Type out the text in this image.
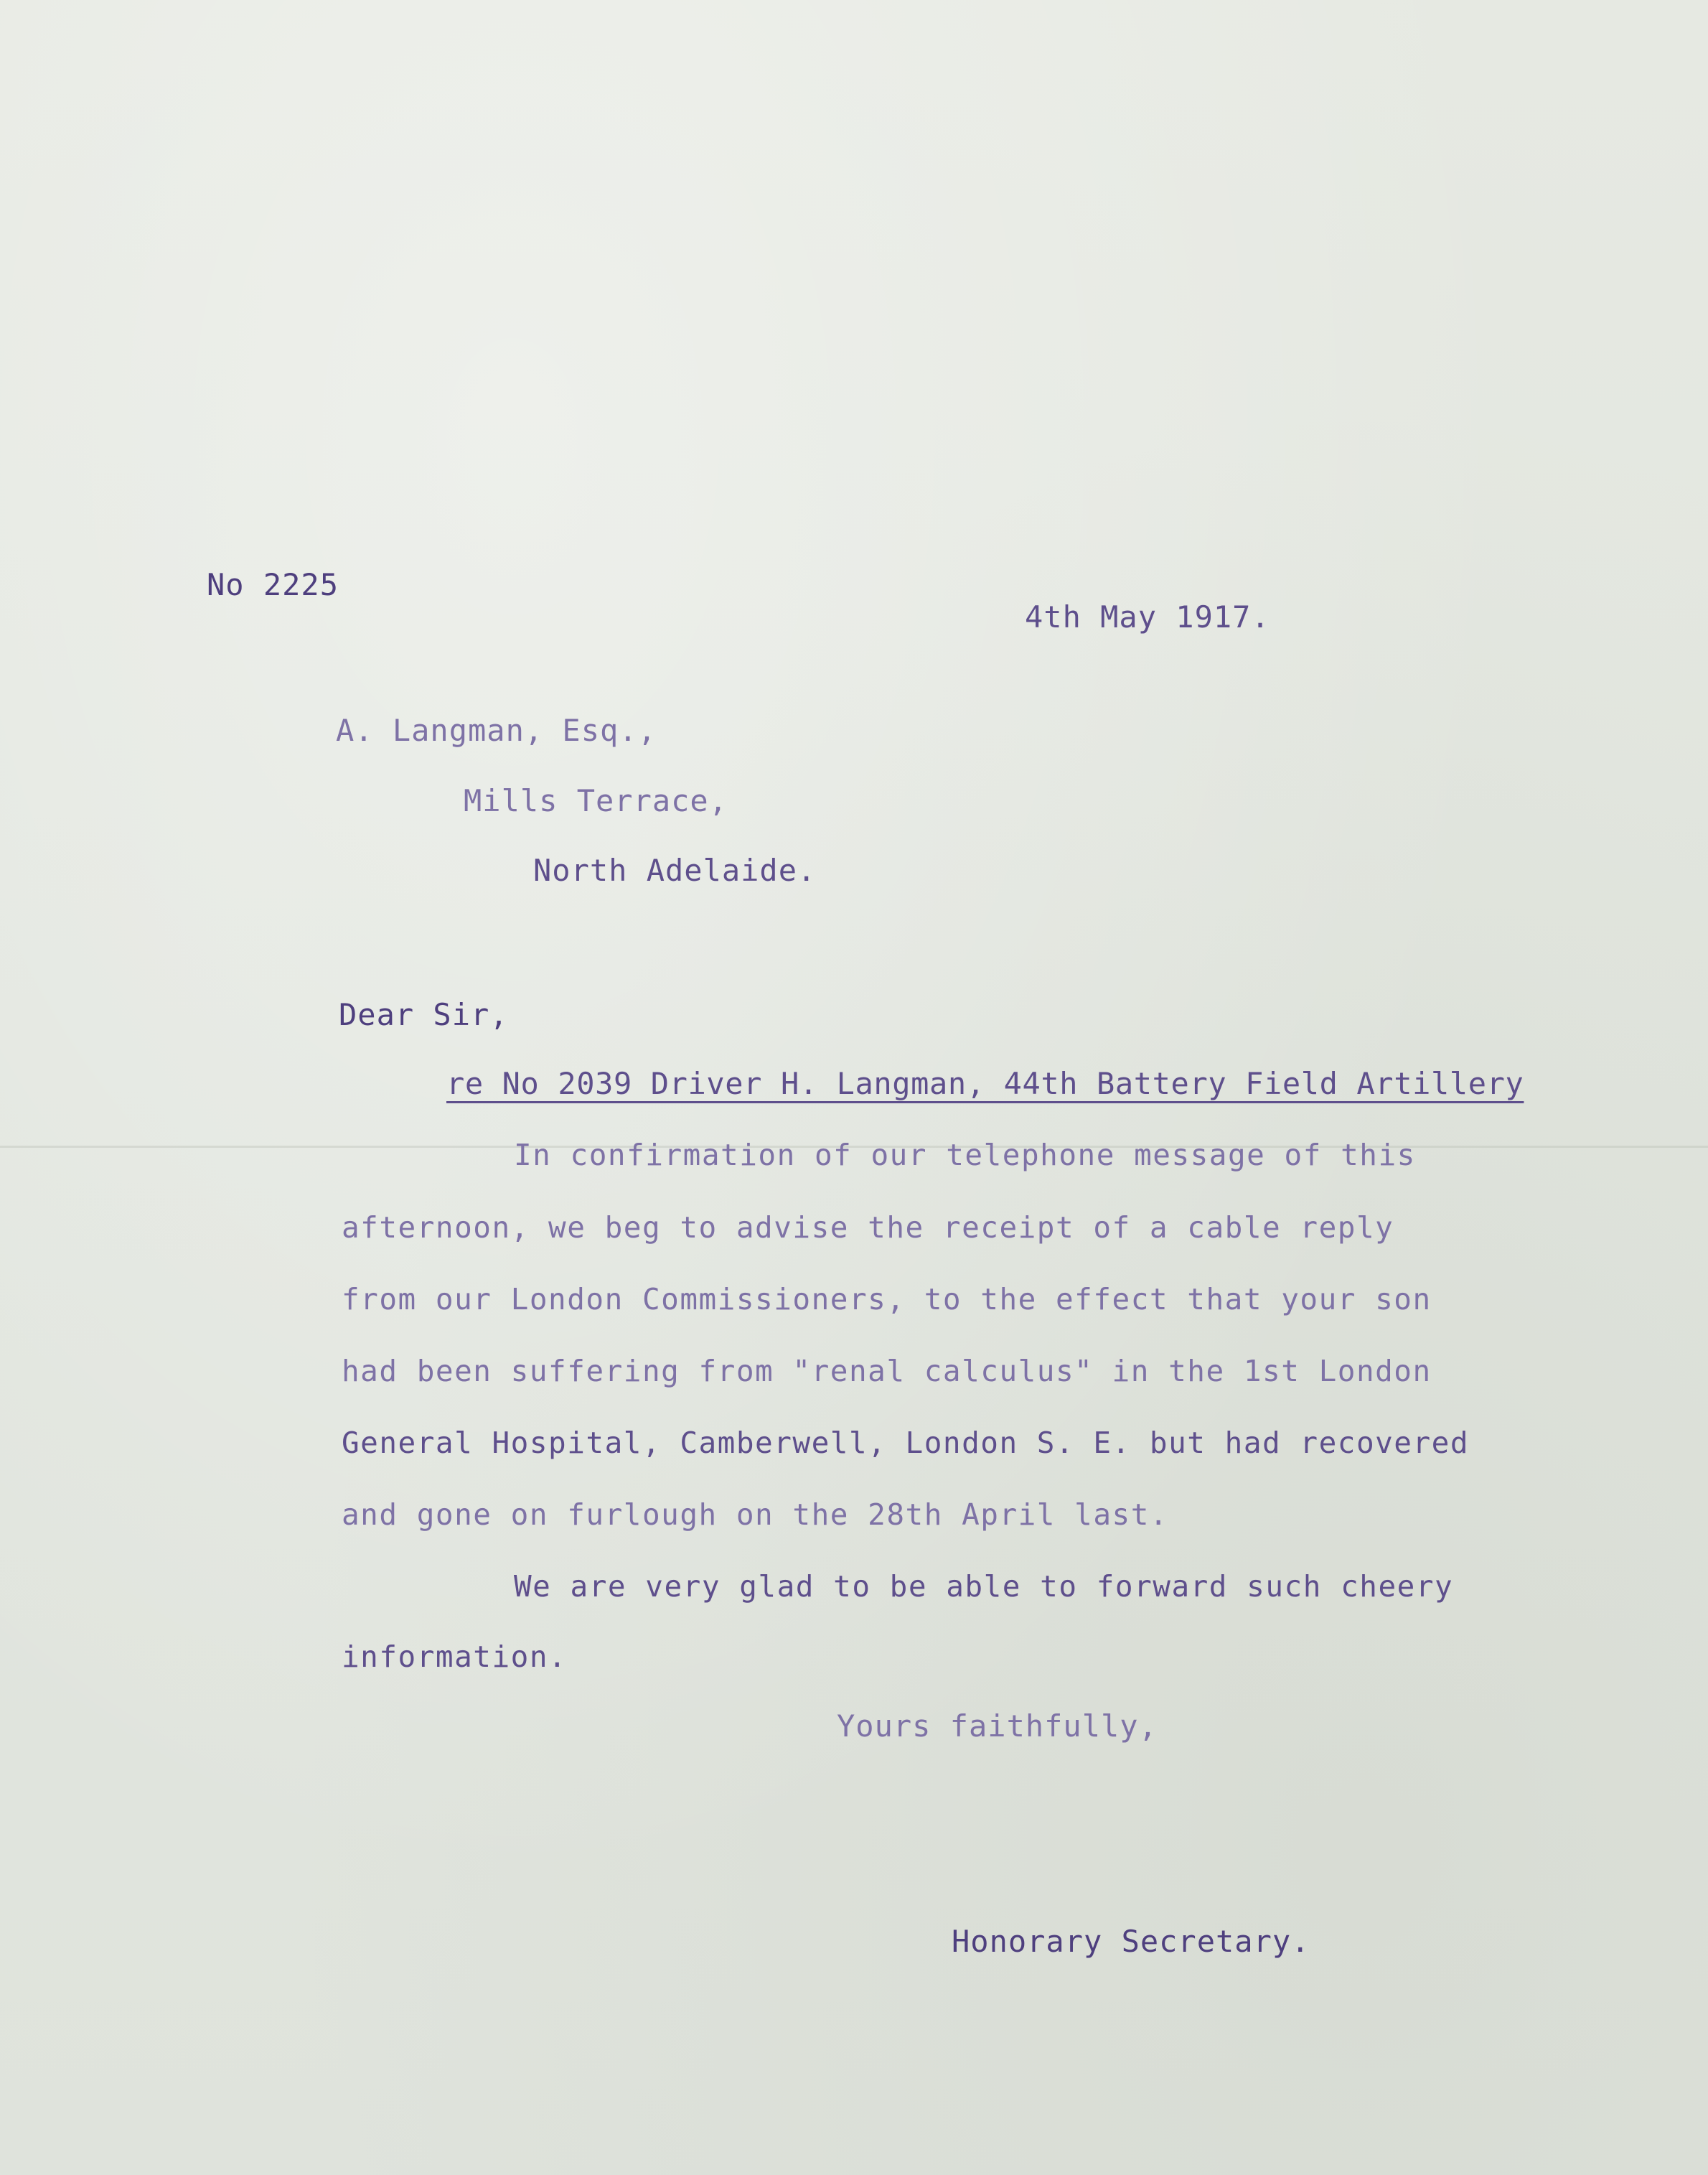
No 2225

4th May 1917.

A. Langman, Esq.,

Mills Terrace,

North Adelaide.

Dear Sir,

re No 2039 Driver H. Langman, 44th Battery Field Artillery

In confirmation of our telephone message of this

afternoon, we beg to advise the receipt of a cable reply

from our London Commissioners, to the effect that your son

had been suffering from "renal calculus" in the 1st London

General Hospital, Camberwell, London S. E. but had recovered

and gone on furlough on the 28th April last.

We are very glad to be able to forward such cheery

information.

Yours faithfully,

Honorary Secretary.
